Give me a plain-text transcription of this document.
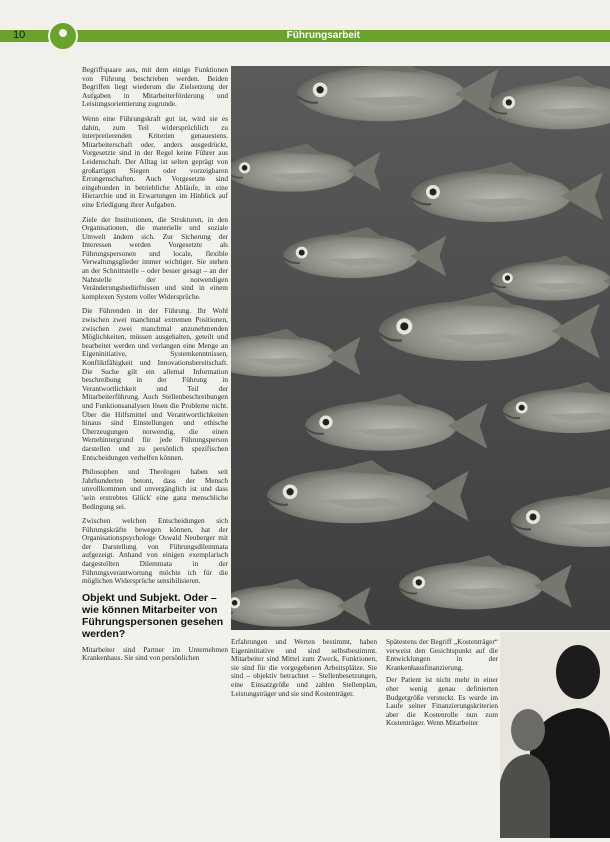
10	Führungsarbeit

Begriffspaare aus, mit dem einige Funktionen von Führung beschrieben werden. Beiden Begriffen liegt wiederum die Zielsetzung der Aufgaben in Mitarbeiterförderung und Leistungsorientierung zugrunde.

Wenn eine Führungskraft gut ist, wird sie es dahin, zum Teil widersprüchlich zu interpretierenden Kriterien genauestens. Mitarbeiterschaft oder, anders ausgedrückt, Vorgesetzte sind in der Regel keine Führer aus Leidenschaft. Der Alltag ist selten geprägt von großartigen Siegen oder vorzeigbaren Errungenschaften. Auch Vorgesetzte sind eingebunden in betriebliche Abläufe, in eine Hierarchie und in Erwartungen im Hinblick auf eine Erledigung ihrer Aufgaben.

Ziele der Institutionen, die Strukturen, in den Organisationen, die materielle und soziale Umwelt ändern sich. Zur Sicherung der Interessen werden Vorgesetzte als Führungspersonen und locale, flexible Verwaltungsglieder immer wichtiger. Sie stehen an der Schnittstelle – oder besser gesagt – an der Nahtstelle der notwendigen Veränderungsbedürfnissen und sind in einem komplexen System voller Widersprüche.

Die Führenden in der Führung. Ihr Wohl zwischen zwei manchmal extremen Positionen, zwischen zwei manchmal anzunehmenden Möglichkeiten, müssen ausgehalten, geteilt und bearbeitet werden und verlangen eine Menge an Eigeninitiative, Systemkenntnissen, Konfliktfähigkeit und Innovationsbereitschaft. Die Suche gilt ein allemal Information beschreibung in der Führung in Verantwortlichkeit und Teil der Mitarbeiterführung. Auch Stellenbeschreibungen und Funktionsanalysen lösen die Probleme nicht. Über die Hilfsmittel und Verantwortlichkeiten hinaus sind Einstellungen und ethische Überzeugungen notwendig, die einen Wertehintergrund für jede Führungsperson darstellen und zu persönlich spezifischen Entscheidungen verhelfen können.

Philosophen und Theologen haben seit Jahrhunderten betont, dass der Mensch unvollkommen und unvergänglich ist und dass 'sein erstrebtes Glück' eine ganz menschliche Bedingung sei.

Zwischen welchen Entscheidungen sich Führungskräfte bewegen können, hat der Organisationspsychologe Oswald Neuberger mit der Darstellung von Führungsdilemmata aufgezeigt. Anhand von einigen exemplarisch dargestellten Dilemmata in der Führungsverantwortung möchte ich für die möglichen Widersprüche sensibilisieren.

Objekt und Subjekt. Oder – wie können Mitarbeiter von Führungspersonen gesehen werden?

Mitarbeiter sind Partner im Unternehmen Krankenhaus. Sie sind von persönlichen

Erfahrungen und Werten bestimmt, haben Eigeninitiative und sind selbstbestimmt. Mitarbeiter sind Mittel zum Zweck, Funktionen, sie sind für die vorgegebenen Arbeitsplätze. Sie sind – objektiv betrachtet – Stellenbesetzungen, eine Einsatzgröße und zahlen Stellenplan, Leistungsträger und sie sind Kostenträger.

Spätestens der Begriff „Kostenträger“ verweist den Gesichtspunkt auf die Entwicklungen in der Krankenhausfinanzierung.

Der Patient ist nicht mehr in einer eher wenig genau definierten Budgetgröße versteckt. Es wurde im Laufe seiner Finanzierungskriterien aber die Kostenrolle nun zum Kostenträger. Wenn Mitarbeiter
